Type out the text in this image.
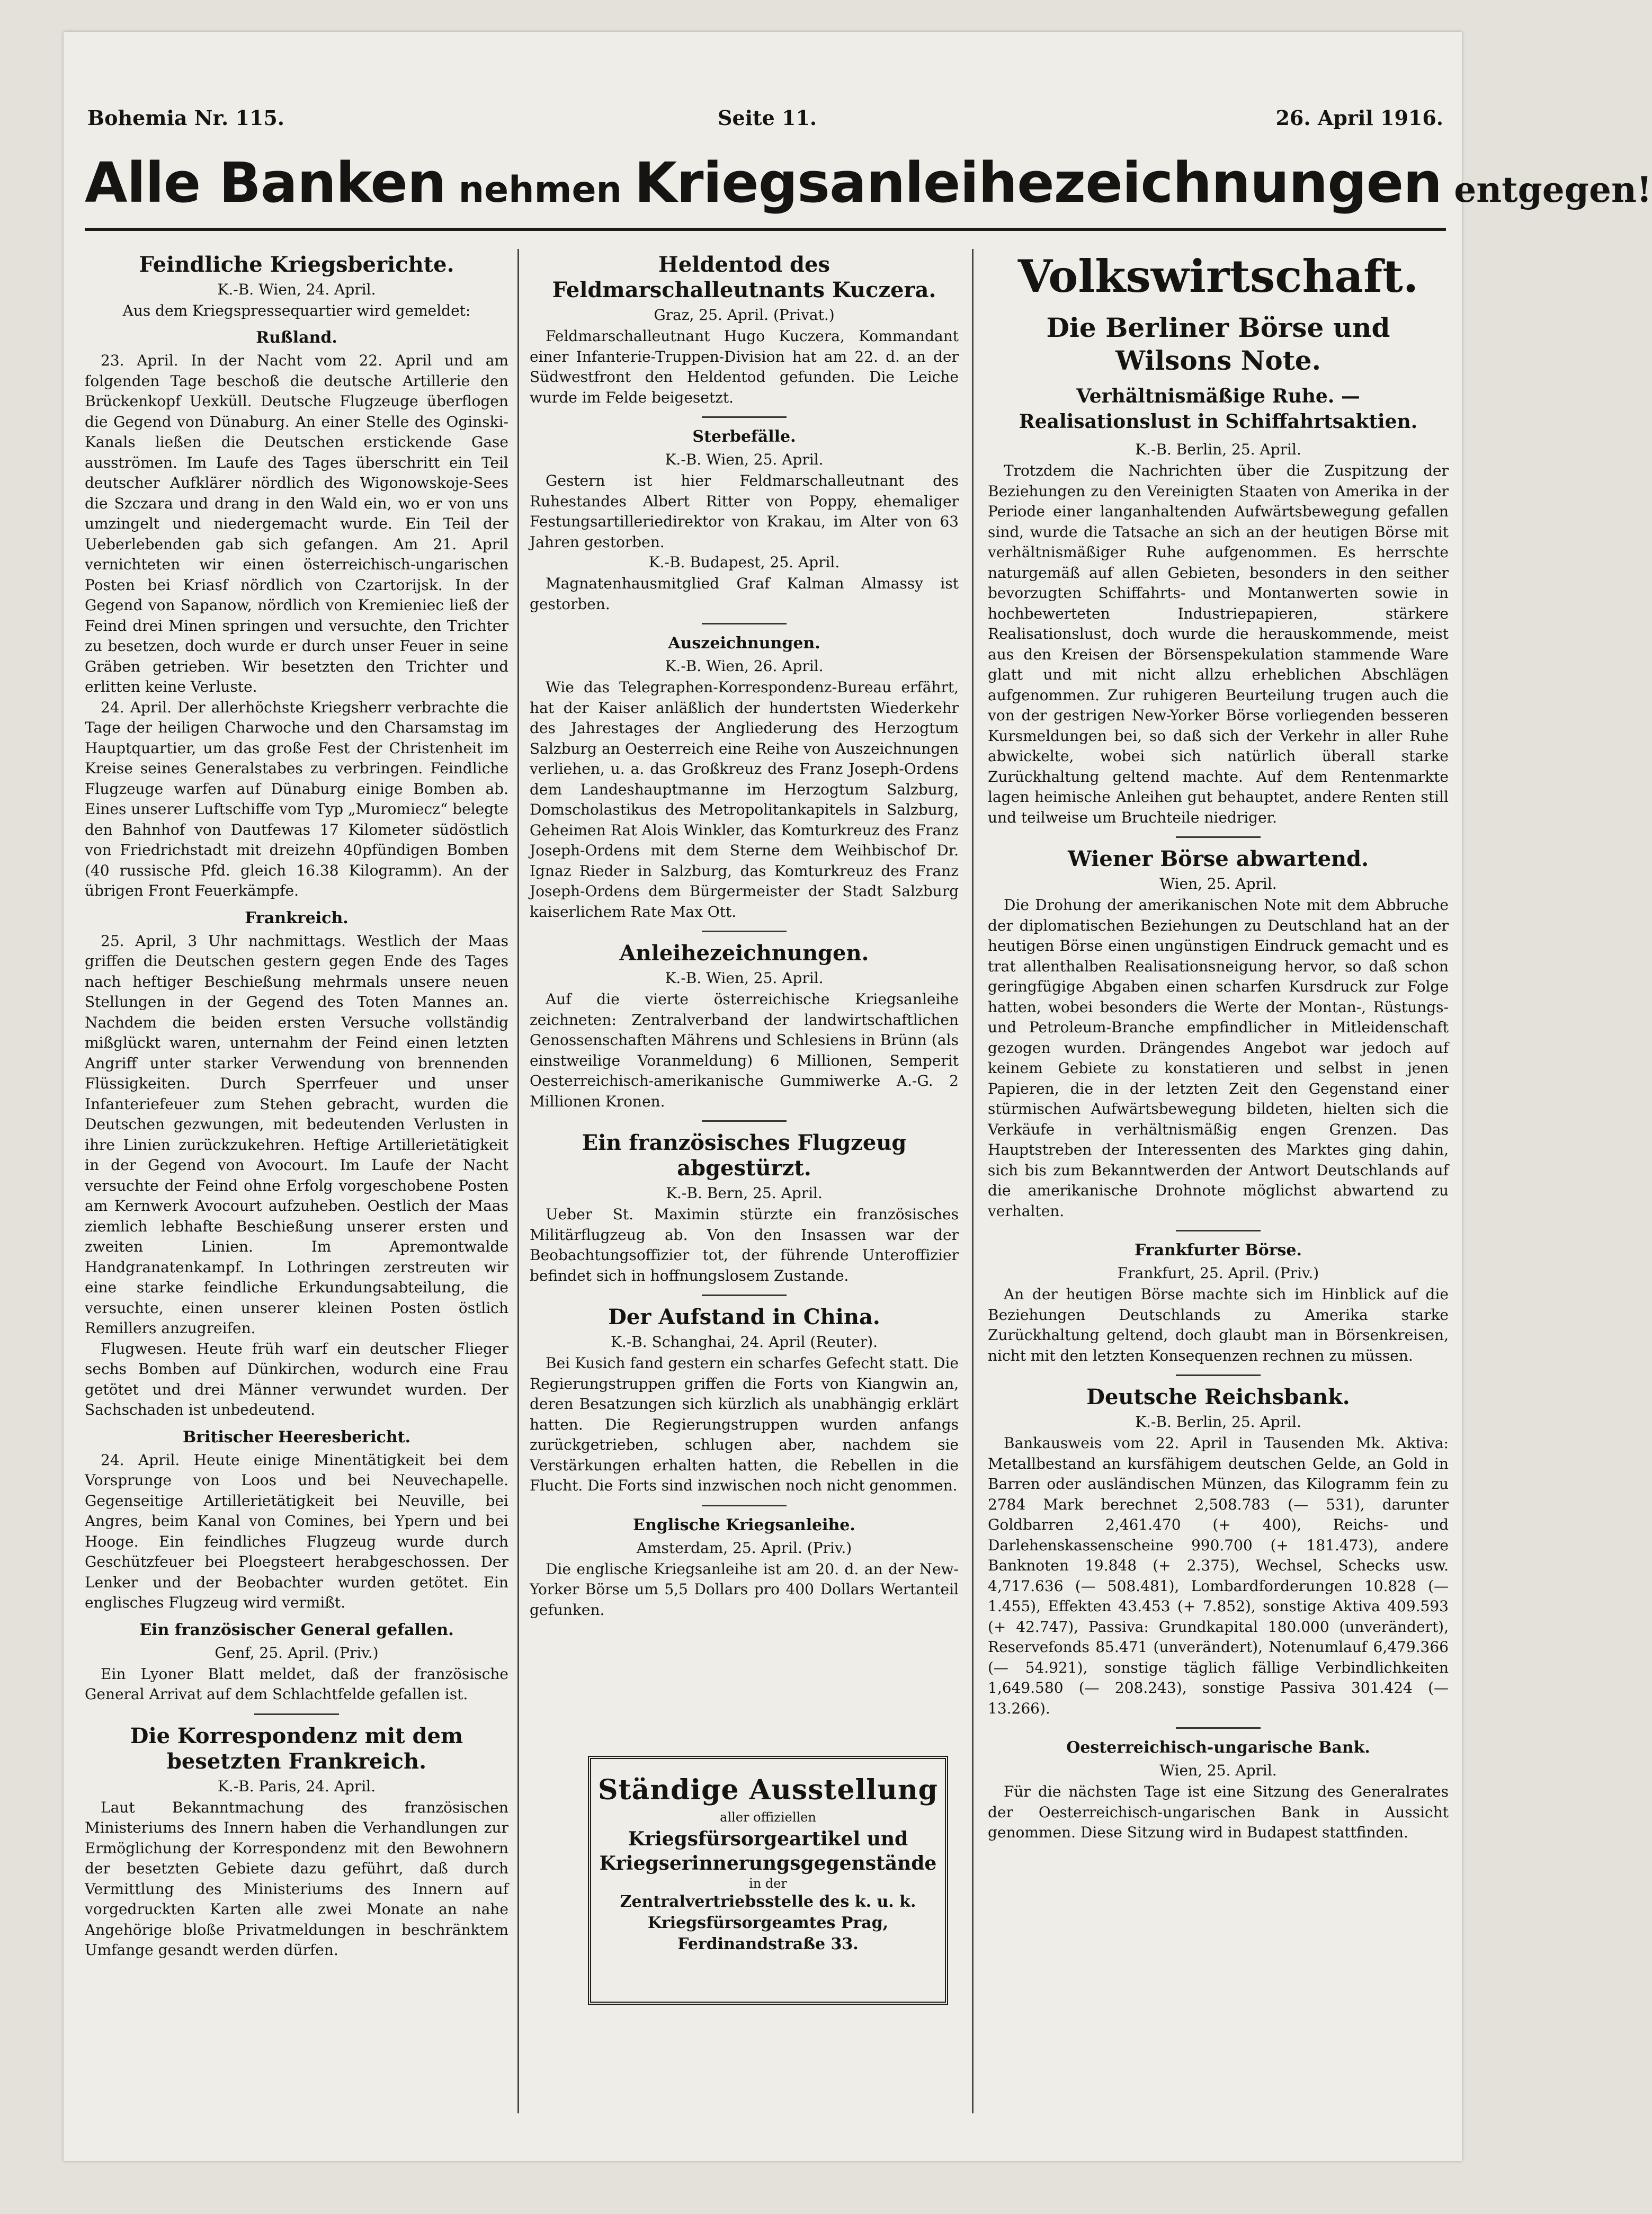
Bohemia Nr. 115.	Seite 11.	26. April 1916.
Alle Banken nehmen Kriegsanleihezeichnungen entgegen!
Feindliche Kriegsberichte.
K.-B. Wien, 24. April.
Aus dem Kriegspressequartier wird gemeldet:
Rußland.

23. April. In der Nacht vom 22. April und am folgenden Tage beschoß die deutsche Artillerie den Brückenkopf Uexküll. Deutsche Flugzeuge überflogen die Gegend von Dünaburg. An einer Stelle des Oginski-Kanals ließen die Deutschen erstickende Gase ausströmen. Im Laufe des Tages überschritt ein Teil deutscher Aufklärer nördlich des Wigonowskoje-Sees die Szczara und drang in den Wald ein, wo er von uns umzingelt und niedergemacht wurde. Ein Teil der Ueberlebenden gab sich gefangen. Am 21. April vernichteten wir einen österreichisch-ungarischen Posten bei Kriasf nördlich von Czartorijsk. In der Gegend von Sapanow, nördlich von Kremieniec ließ der Feind drei Minen springen und versuchte, den Trichter zu besetzen, doch wurde er durch unser Feuer in seine Gräben getrieben. Wir besetzten den Trichter und erlitten keine Verluste.

24. April. Der allerhöchste Kriegsherr verbrachte die Tage der heiligen Charwoche und den Charsamstag im Hauptquartier, um das große Fest der Christenheit im Kreise seines Generalstabes zu verbringen. Feindliche Flugzeuge warfen auf Dünaburg einige Bomben ab. Eines unserer Luftschiffe vom Typ „Muromiecz“ belegte den Bahnhof von Dautfewas 17 Kilometer südöstlich von Friedrichstadt mit dreizehn 40pfündigen Bomben (40 russische Pfd. gleich 16.38 Kilogramm). An der übrigen Front Feuerkämpfe.

Frankreich.

25. April, 3 Uhr nachmittags. Westlich der Maas griffen die Deutschen gestern gegen Ende des Tages nach heftiger Beschießung mehrmals unsere neuen Stellungen in der Gegend des Toten Mannes an. Nachdem die beiden ersten Versuche vollständig mißglückt waren, unternahm der Feind einen letzten Angriff unter starker Verwendung von brennenden Flüssigkeiten. Durch Sperrfeuer und unser Infanteriefeuer zum Stehen gebracht, wurden die Deutschen gezwungen, mit bedeutenden Verlusten in ihre Linien zurückzukehren. Heftige Artillerietätigkeit in der Gegend von Avocourt. Im Laufe der Nacht versuchte der Feind ohne Erfolg vorgeschobene Posten am Kernwerk Avocourt aufzuheben. Oestlich der Maas ziemlich lebhafte Beschießung unserer ersten und zweiten Linien. Im Apremontwalde Handgranatenkampf. In Lothringen zerstreuten wir eine starke feindliche Erkundungsabteilung, die versuchte, einen unserer kleinen Posten östlich Remillers anzugreifen.

Flugwesen. Heute früh warf ein deutscher Flieger sechs Bomben auf Dünkirchen, wodurch eine Frau getötet und drei Männer verwundet wurden. Der Sachschaden ist unbedeutend.

Britischer Heeresbericht.

24. April. Heute einige Minentätigkeit bei dem Vorsprunge von Loos und bei Neuvechapelle. Gegenseitige Artillerietätigkeit bei Neuville, bei Angres, beim Kanal von Comines, bei Ypern und bei Hooge. Ein feindliches Flugzeug wurde durch Geschützfeuer bei Ploegsteert herabgeschossen. Der Lenker und der Beobachter wurden getötet. Ein englisches Flugzeug wird vermißt.

Ein französischer General gefallen.
Genf, 25. April. (Priv.)

Ein Lyoner Blatt meldet, daß der französische General Arrivat auf dem Schlachtfelde gefallen ist.

Die Korrespondenz mit dem besetzten Frankreich.
K.-B. Paris, 24. April.

Laut Bekanntmachung des französischen Ministeriums des Innern haben die Verhandlungen zur Ermöglichung der Korrespondenz mit den Bewohnern der besetzten Gebiete dazu geführt, daß durch Vermittlung des Ministeriums des Innern auf vorgedruckten Karten alle zwei Monate an nahe Angehörige bloße Privatmeldungen in beschränktem Umfange gesandt werden dürfen.

Heldentod des Feldmarschalleutnants Kuczera.
Graz, 25. April. (Privat.)

Feldmarschalleutnant Hugo Kuczera, Kommandant einer Infanterie-Truppen-Division hat am 22. d. an der Südwestfront den Heldentod gefunden. Die Leiche wurde im Felde beigesetzt.

Sterbefälle.
K.-B. Wien, 25. April.

Gestern ist hier Feldmarschalleutnant des Ruhestandes Albert Ritter von Poppy, ehemaliger Festungsartilleriedirektor von Krakau, im Alter von 63 Jahren gestorben.

K.-B. Budapest, 25. April.

Magnatenhausmitglied Graf Kalman Almassy ist gestorben.

Auszeichnungen.
K.-B. Wien, 26. April.

Wie das Telegraphen-Korrespondenz-Bureau erfährt, hat der Kaiser anläßlich der hundertsten Wiederkehr des Jahrestages der Angliederung des Herzogtum Salzburg an Oesterreich eine Reihe von Auszeichnungen verliehen, u. a. das Großkreuz des Franz Joseph-Ordens dem Landeshauptmanne im Herzogtum Salzburg, Domscholastikus des Metropolitankapitels in Salzburg, Geheimen Rat Alois Winkler, das Komturkreuz des Franz Joseph-Ordens mit dem Sterne dem Weihbischof Dr. Ignaz Rieder in Salzburg, das Komturkreuz des Franz Joseph-Ordens dem Bürgermeister der Stadt Salzburg kaiserlichem Rate Max Ott.

Anleihezeichnungen.
K.-B. Wien, 25. April.

Auf die vierte österreichische Kriegsanleihe zeichneten: Zentralverband der landwirtschaftlichen Genossenschaften Mährens und Schlesiens in Brünn (als einstweilige Voranmeldung) 6 Millionen, Semperit Oesterreichisch-amerikanische Gummiwerke A.-G. 2 Millionen Kronen.

Ein französisches Flugzeug abgestürzt.
K.-B. Bern, 25. April.

Ueber St. Maximin stürzte ein französisches Militärflugzeug ab. Von den Insassen war der Beobachtungsoffizier tot, der führende Unteroffizier befindet sich in hoffnungslosem Zustande.

Der Aufstand in China.
K.-B. Schanghai, 24. April (Reuter).

Bei Kusich fand gestern ein scharfes Gefecht statt. Die Regierungstruppen griffen die Forts von Kiangwin an, deren Besatzungen sich kürzlich als unabhängig erklärt hatten. Die Regierungstruppen wurden anfangs zurückgetrieben, schlugen aber, nachdem sie Verstärkungen erhalten hatten, die Rebellen in die Flucht. Die Forts sind inzwischen noch nicht genommen.

Englische Kriegsanleihe.
Amsterdam, 25. April. (Priv.)

Die englische Kriegsanleihe ist am 20. d. an der New-Yorker Börse um 5,5 Dollars pro 400 Dollars Wertanteil gefunken.

Ständige Ausstellung
aller offiziellen
Kriegsfürsorgeartikel und Kriegserinnerungsgegenstände
in der
Zentralvertriebsstelle des k. u. k. Kriegsfürsorgeamtes Prag, Ferdinandstraße 33.
Volkswirtschaft.
Die Berliner Börse und Wilsons Note.
Verhältnismäßige Ruhe. — Realisationslust in Schiffahrtsaktien.
K.-B. Berlin, 25. April.

Trotzdem die Nachrichten über die Zuspitzung der Beziehungen zu den Vereinigten Staaten von Amerika in der Periode einer langanhaltenden Aufwärtsbewegung gefallen sind, wurde die Tatsache an sich an der heutigen Börse mit verhältnismäßiger Ruhe aufgenommen. Es herrschte naturgemäß auf allen Gebieten, besonders in den seither bevorzugten Schiffahrts- und Montanwerten sowie in hochbewerteten Industriepapieren, stärkere Realisationslust, doch wurde die herauskommende, meist aus den Kreisen der Börsenspekulation stammende Ware glatt und mit nicht allzu erheblichen Abschlägen aufgenommen. Zur ruhigeren Beurteilung trugen auch die von der gestrigen New-Yorker Börse vorliegenden besseren Kursmeldungen bei, so daß sich der Verkehr in aller Ruhe abwickelte, wobei sich natürlich überall starke Zurückhaltung geltend machte. Auf dem Rentenmarkte lagen heimische Anleihen gut behauptet, andere Renten still und teilweise um Bruchteile niedriger.

Wiener Börse abwartend.
Wien, 25. April.

Die Drohung der amerikanischen Note mit dem Abbruche der diplomatischen Beziehungen zu Deutschland hat an der heutigen Börse einen ungünstigen Eindruck gemacht und es trat allenthalben Realisationsneigung hervor, so daß schon geringfügige Abgaben einen scharfen Kursdruck zur Folge hatten, wobei besonders die Werte der Montan-, Rüstungs- und Petroleum-Branche empfindlicher in Mitleidenschaft gezogen wurden. Drängendes Angebot war jedoch auf keinem Gebiete zu konstatieren und selbst in jenen Papieren, die in der letzten Zeit den Gegenstand einer stürmischen Aufwärtsbewegung bildeten, hielten sich die Verkäufe in verhältnismäßig engen Grenzen. Das Hauptstreben der Interessenten des Marktes ging dahin, sich bis zum Bekanntwerden der Antwort Deutschlands auf die amerikanische Drohnote möglichst abwartend zu verhalten.

Frankfurter Börse.
Frankfurt, 25. April. (Priv.)

An der heutigen Börse machte sich im Hinblick auf die Beziehungen Deutschlands zu Amerika starke Zurückhaltung geltend, doch glaubt man in Börsenkreisen, nicht mit den letzten Konsequenzen rechnen zu müssen.

Deutsche Reichsbank.
K.-B. Berlin, 25. April.

Bankausweis vom 22. April in Tausenden Mk. Aktiva: Metallbestand an kursfähigem deutschen Gelde, an Gold in Barren oder ausländischen Münzen, das Kilogramm fein zu 2784 Mark berechnet 2,508.783 (— 531), darunter Goldbarren 2,461.470 (+ 400), Reichs- und Darlehenskassenscheine 990.700 (+ 181.473), andere Banknoten 19.848 (+ 2.375), Wechsel, Schecks usw. 4,717.636 (— 508.481), Lombardforderungen 10.828 (— 1.455), Effekten 43.453 (+ 7.852), sonstige Aktiva 409.593 (+ 42.747), Passiva: Grundkapital 180.000 (unverändert), Reservefonds 85.471 (unverändert), Notenumlauf 6,479.366 (— 54.921), sonstige täglich fällige Verbindlichkeiten 1,649.580 (— 208.243), sonstige Passiva 301.424 (— 13.266).

Oesterreichisch-ungarische Bank.
Wien, 25. April.

Für die nächsten Tage ist eine Sitzung des Generalrates der Oesterreichisch-ungarischen Bank in Aussicht genommen. Diese Sitzung wird in Budapest stattfinden.
